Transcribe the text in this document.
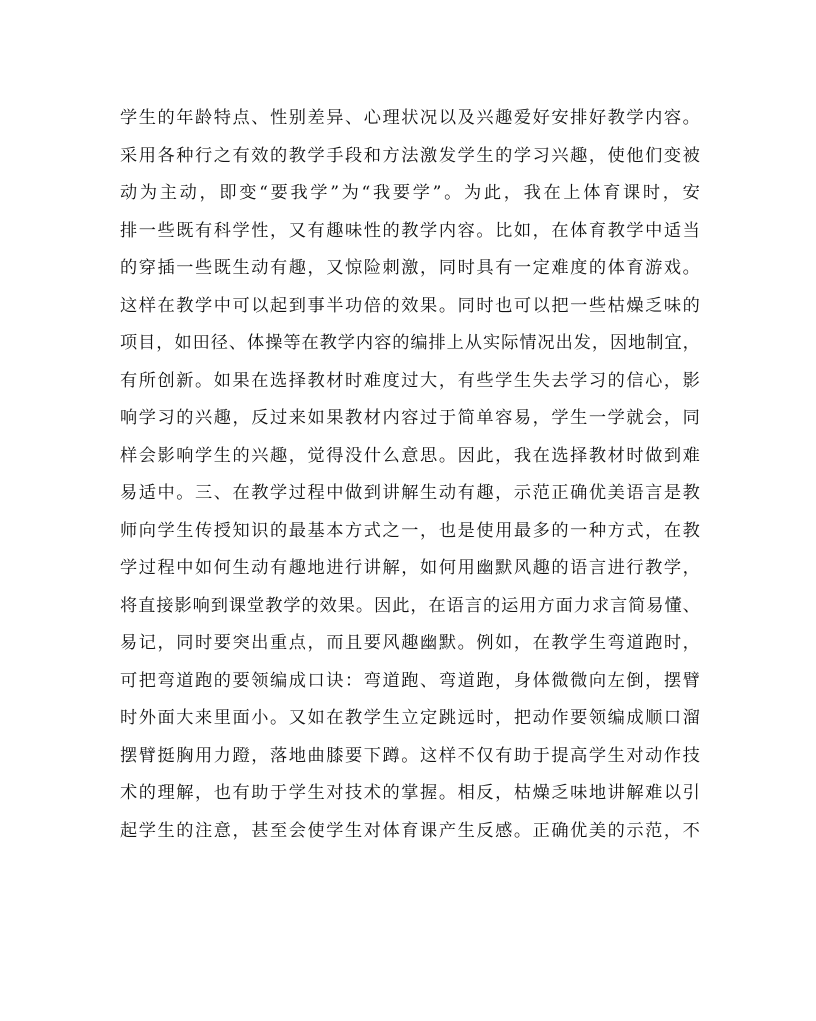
学生的年龄特点、性别差异、心理状况以及兴趣爱好安排好教学内容。
采用各种行之有效的教学手段和方法激发学生的学习兴趣，使他们变被
动为主动，即变“要我学”为“我要学”。为此，我在上体育课时，安
排一些既有科学性，又有趣味性的教学内容。比如，在体育教学中适当
的穿插一些既生动有趣，又惊险刺激，同时具有一定难度的体育游戏。
这样在教学中可以起到事半功倍的效果。同时也可以把一些枯燥乏味的
项目，如田径、体操等在教学内容的编排上从实际情况出发，因地制宜，
有所创新。如果在选择教材时难度过大，有些学生失去学习的信心，影
响学习的兴趣，反过来如果教材内容过于简单容易，学生一学就会，同
样会影响学生的兴趣，觉得没什么意思。因此，我在选择教材时做到难
易适中。三、在教学过程中做到讲解生动有趣，示范正确优美语言是教
师向学生传授知识的最基本方式之一，也是使用最多的一种方式，在教
学过程中如何生动有趣地进行讲解，如何用幽默风趣的语言进行教学，
将直接影响到课堂教学的效果。因此，在语言的运用方面力求言简易懂、
易记，同时要突出重点，而且要风趣幽默。例如，在教学生弯道跑时，
可把弯道跑的要领编成口诀：弯道跑、弯道跑，身体微微向左倒，摆臂
时外面大来里面小。又如在教学生立定跳远时，把动作要领编成顺口溜
摆臂挺胸用力蹬，落地曲膝要下蹲。这样不仅有助于提高学生对动作技
术的理解，也有助于学生对技术的掌握。相反，枯燥乏味地讲解难以引
起学生的注意，甚至会使学生对体育课产生反感。正确优美的示范，不
